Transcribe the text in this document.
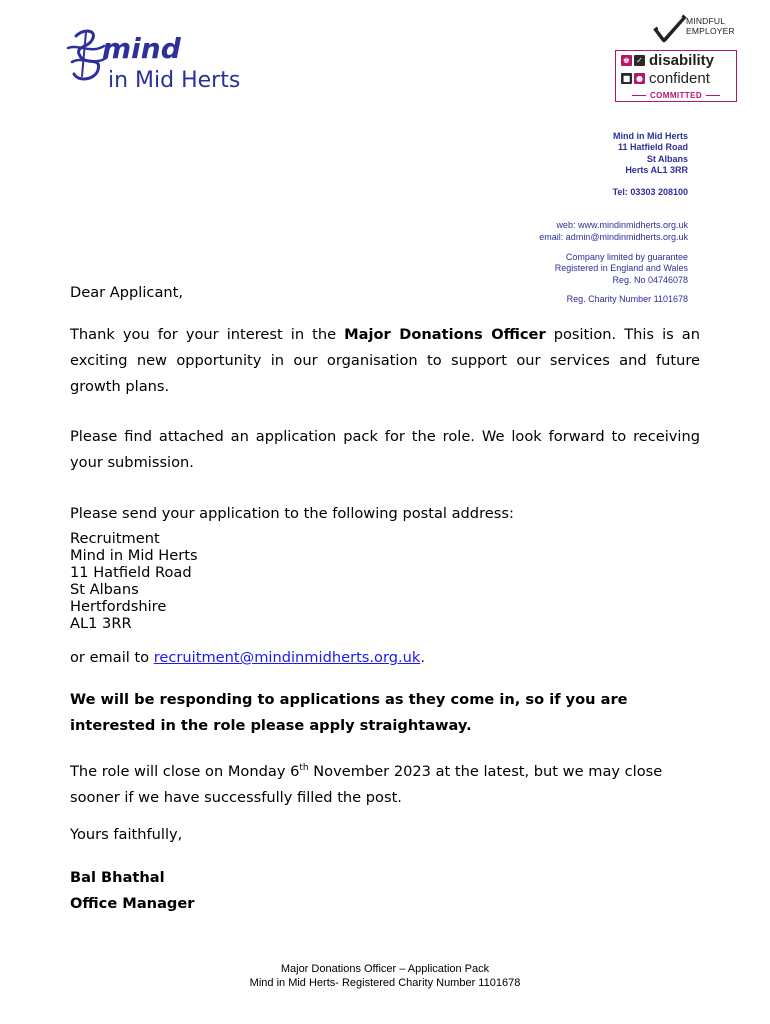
mind
in Mid Herts
MINDFUL
EMPLOYER
♚ ✓
■ ●
disability
confident
COMMITTED
Mind in Mid Herts
11 Hatfield Road
St Albans
Herts AL1 3RR
Tel: 03303 208100
web: www.mindinmidherts.org.uk
email: admin@mindinmidherts.org.uk
Company limited by guarantee
Registered in England and Wales
Reg. No 04746078
Reg. Charity Number 1101678
Dear Applicant,
Thank you for your interest in the Major Donations Officer position. This is an exciting new opportunity in our organisation to support our services and future growth plans.
Please find attached an application pack for the role. We look forward to receiving your submission.
Please send your application to the following postal address:
Recruitment
Mind in Mid Herts
11 Hatfield Road
St Albans
Hertfordshire
AL1 3RR
or email to recruitment@mindinmidherts.org.uk.
We will be responding to applications as they come in, so if you are interested in the role please apply straightaway.
The role will close on Monday 6th November 2023 at the latest, but we may close sooner if we have successfully filled the post.
Yours faithfully,
Bal Bhathal
Office Manager
Major Donations Officer – Application Pack
Mind in Mid Herts- Registered Charity Number 1101678
